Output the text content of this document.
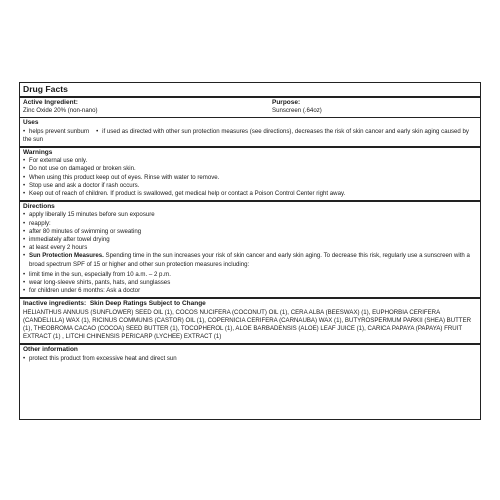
Drug Facts
Active Ingredient:
Zinc Oxide 20% (non-nano)
Purpose:
Sunscreen (.64oz)
Uses
• helps prevent sunburn    • if used as directed with other sun protection measures (see directions), decreases the risk of skin cancer and early skin aging caused by the sun
Warnings
• For external use only.
• Do not use on damaged or broken skin.
• When using this product keep out of eyes. Rinse with water to remove.
• Stop use and ask a doctor if rash occurs.
• Keep out of reach of children. If product is swallowed, get medical help or contact a Poison Control Center right away.
Directions
• apply liberally 15 minutes before sun exposure
• reapply:
• after 80 minutes of swimming or sweating
• immediately after towel drying
• at least every 2 hours
• Sun Protection Measures. Spending time in the sun increases your risk of skin cancer and early skin aging. To decrease this risk, regularly use a sunscreen with a broad spectrum SPF of 15 or higher and other sun protection measures including:
• limit time in the sun, especially from 10 a.m. – 2 p.m.
• wear long-sleeve shirts, pants, hats, and sunglasses
• for children under 6 months: Ask a doctor
Inactive ingredients: Skin Deep Ratings Subject to Change
HELIANTHUS ANNUUS (SUNFLOWER) SEED OIL (1), COCOS NUCIFERA (COCONUT) OIL (1), CERA ALBA (BEESWAX) (1), EUPHORBIA CERIFERA (CANDELILLA) WAX (1), RICINUS COMMUNIS (CASTOR) OIL (1), COPERNICIA CERIFERA (CARNAUBA) WAX (1), BUTYROSPERMUM PARKII (SHEA) BUTTER (1), THEOBROMA CACAO (COCOA) SEED BUTTER (1), TOCOPHEROL (1), ALOE BARBADENSIS (ALOE) LEAF JUICE (1), CARICA PAPAYA (PAPAYA) FRUIT EXTRACT (1) , LITCHI CHINENSIS PERICARP (LYCHEE) EXTRACT (1)
Other information
• protect this product from excessive heat and direct sun
